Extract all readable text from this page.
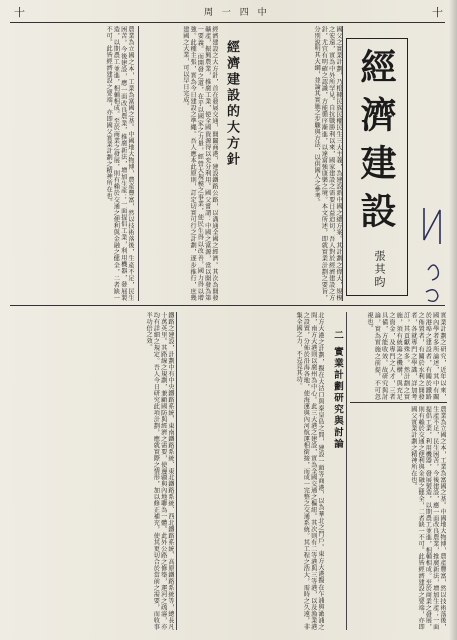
十	周 一 四 中	十
經濟建設
張其昀
國父之實業計劃，乃根據民族民權民生三大主義，為建設新中國之總方案。其計劃之偉大，規模之宏遠，實為中外所罕見。自抗戰勝利以來，國家建設之需要日益迫切，吾人對於經濟建設之方針，尤宜有明確之認識，方能循序漸進，以達富強康樂之境。本文所述，即就實業計劃之要旨，分別說明其大綱，並論其實施之步驟與方法，以供國人之參考。
經濟建設的大方針
經濟建設之大方針，首在發展交通，開闢商港，建設鐵路公路，以溝通全國之經濟。其次為開發礦產，振興農業，推廣工業，使全國資源得以充分利用。國父嘗謂：中國之富源，當以開發為第一要義。而開發之道，在乎以國家之力量，經營大規模之事業，使民生得以改善，國力得以增強。此種主張，實為今日建設之準繩。吾人應本此原則，訂定切實可行之計劃，逐步推行，庶幾建國之大業，可以早日完成。
農業為立國之本，工業為富國之基。中國地大物博，農產豐富，然以技術落後，生產不足，民生困苦。今後建設，應一面改良農業，推廣新法，增加生產；一面提倡工業，利用機器，發展製造，以期農工並進，相輔相成。至於商業之發展，則有賴於交通之便利與金融之健全，二者缺一不可。此皆經濟建設之要端，亦即國父實業計劃之精神所在也。
實業計劃之研究，近年以來，國內學者多所論述，其中有關於港埠之建設者，有關於鐵路之佈置者，有關於水利之開發者，各就專門之學識，詳加考訂，其貢獻殊多。然計劃之實施，須有統籌之機構，與充足之資金，及專門之人才，三者具備，方能收效。故研究與討論，實為實施之前提，不可忽視也。
二 實業計劃研究與討論
北方大港之計劃，擬在大沽口與秦皇島之間，建設一頭等商港，以為華北之門戶。東方大港擬在乍浦與澉浦之間，南方大港則以廣州為中心。此三大港之建設，實為全國交通之樞紐。其次則有二等港與三等港，以及漁業港之設置，分佈於沿海各地，使海運與內河航運相銜接，而成一完整之交通系統。其工程之浩大，需時之久遠，非集全國之力，不克竟其功。
鐵路之建設，計劃中有中央鐵路系統、東南鐵路系統、東北鐵路系統、西北鐵路系統、高原鐵路系統等，總長凡十萬英里。其路線之規劃，兼顧國防與經濟之需要，使邊疆與內地聯為一體。此外公路之修築，運河之疏濬，亦均有詳細之規定。吾人今日研究此項計劃，應就實際之情形，加以修正補充，使其更切合於當前之需要，而收事半功倍之效。
農業為立國之本，工業為富國之基。中國地大物博，農產豐富，然以技術落後，生產不足，民生困苦。今後建設，應一面改良農業，推廣新法，增加生產；一面提倡工業，利用機器，發展製造，以期農工並進，相輔相成。至於商業之發展，則有賴於交通之便利與金融之健全，二者缺一不可。此皆經濟建設之要端，亦即國父實業計劃之精神所在也。
